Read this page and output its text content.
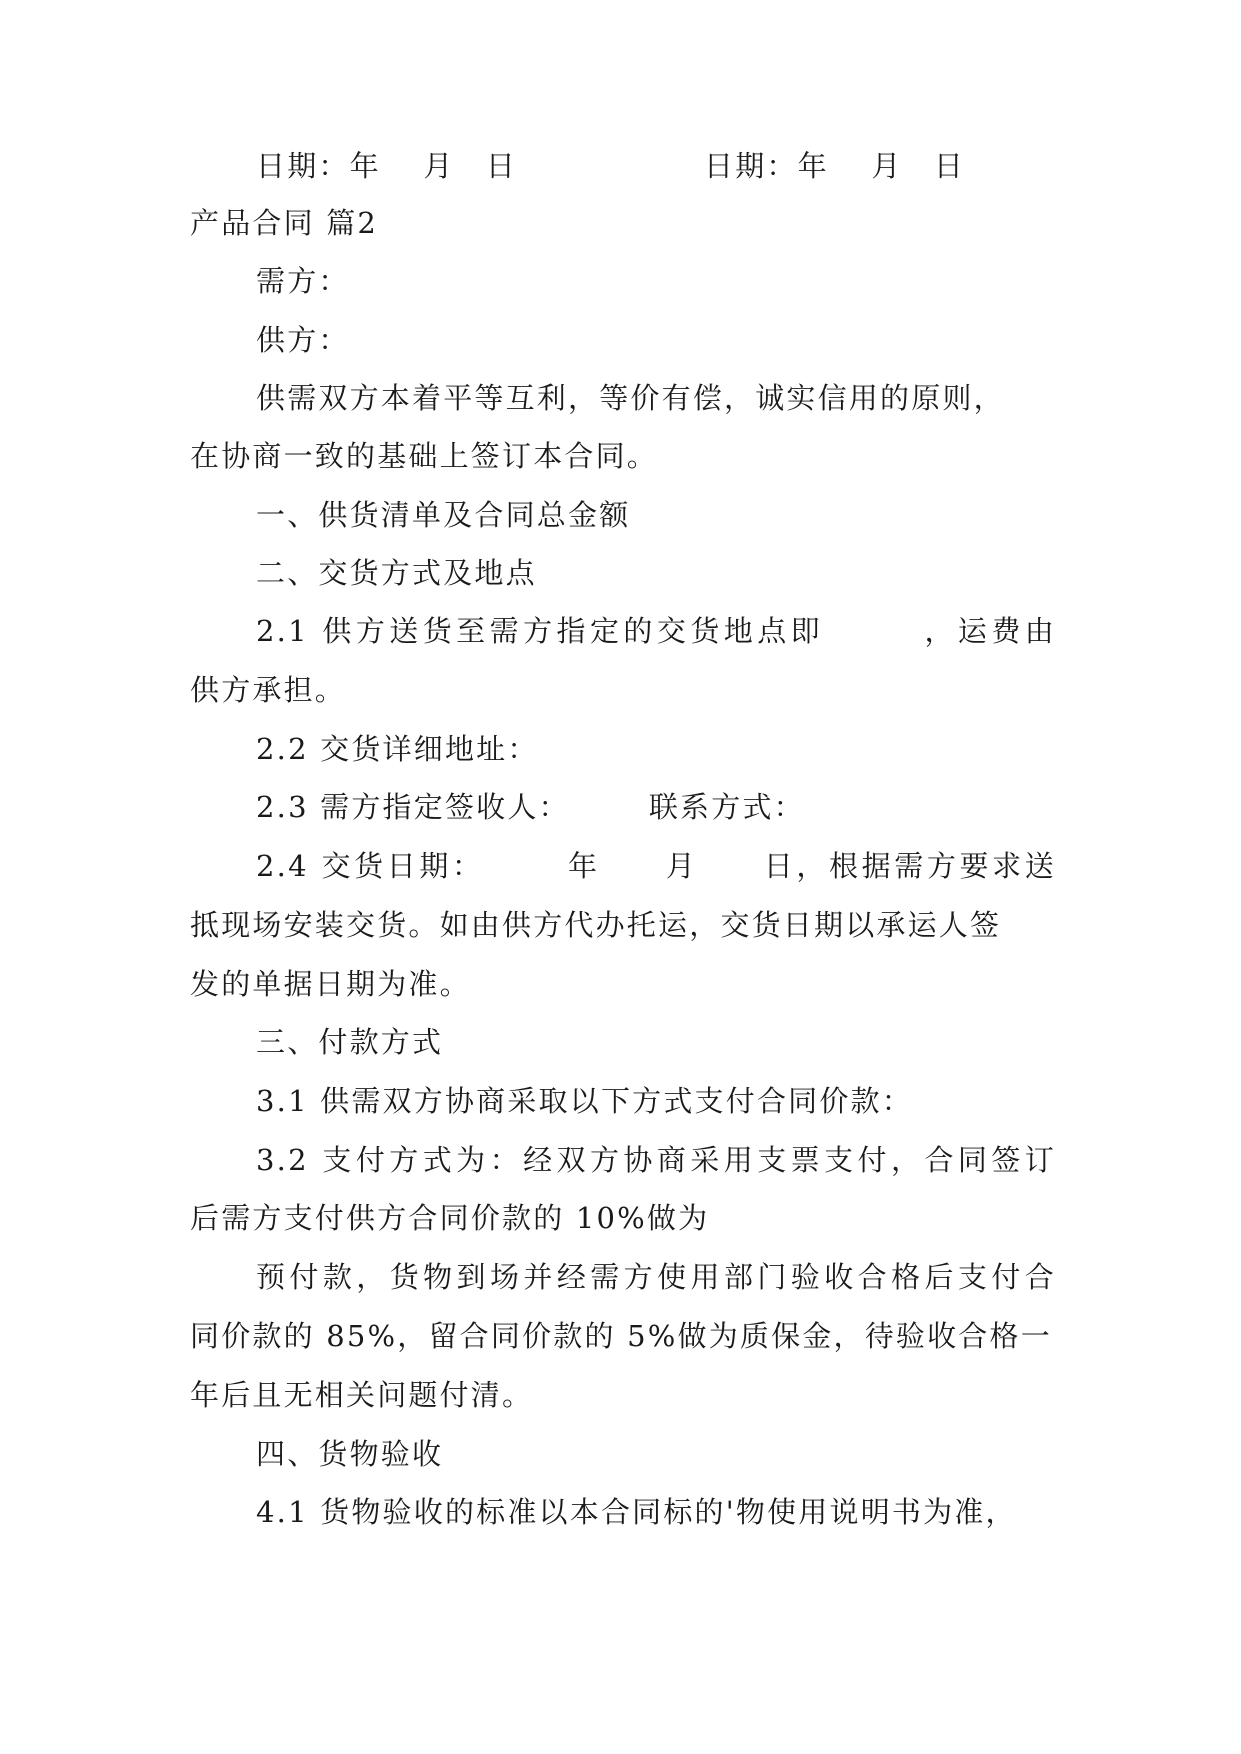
日期：年　 月　日	日期：年　 月　日
产品合同 篇2
需方：
供方：
供需双方本着平等互利，等价有偿，诚实信用的原则，
在协商一致的基础上签订本合同。
一、供货清单及合同总金额
二、交货方式及地点
2.1 供方送货至需方指定的交货地点即　　　，运费由
供方承担。
2.2 交货详细地址：
2.3 需方指定签收人：　　　联系方式：
2.4 交货日期：　　　年　　月　　日，根据需方要求送
抵现场安装交货。如由供方代办托运，交货日期以承运人签
发的单据日期为准。
三、付款方式
3.1 供需双方协商采取以下方式支付合同价款：
3.2 支付方式为：经双方协商采用支票支付，合同签订
后需方支付供方合同价款的 10%做为
预付款，货物到场并经需方使用部门验收合格后支付合
同价款的 85%，留合同价款的 5%做为质保金，待验收合格一
年后且无相关问题付清。
四、货物验收
4.1 货物验收的标准以本合同标的'物使用说明书为准，
